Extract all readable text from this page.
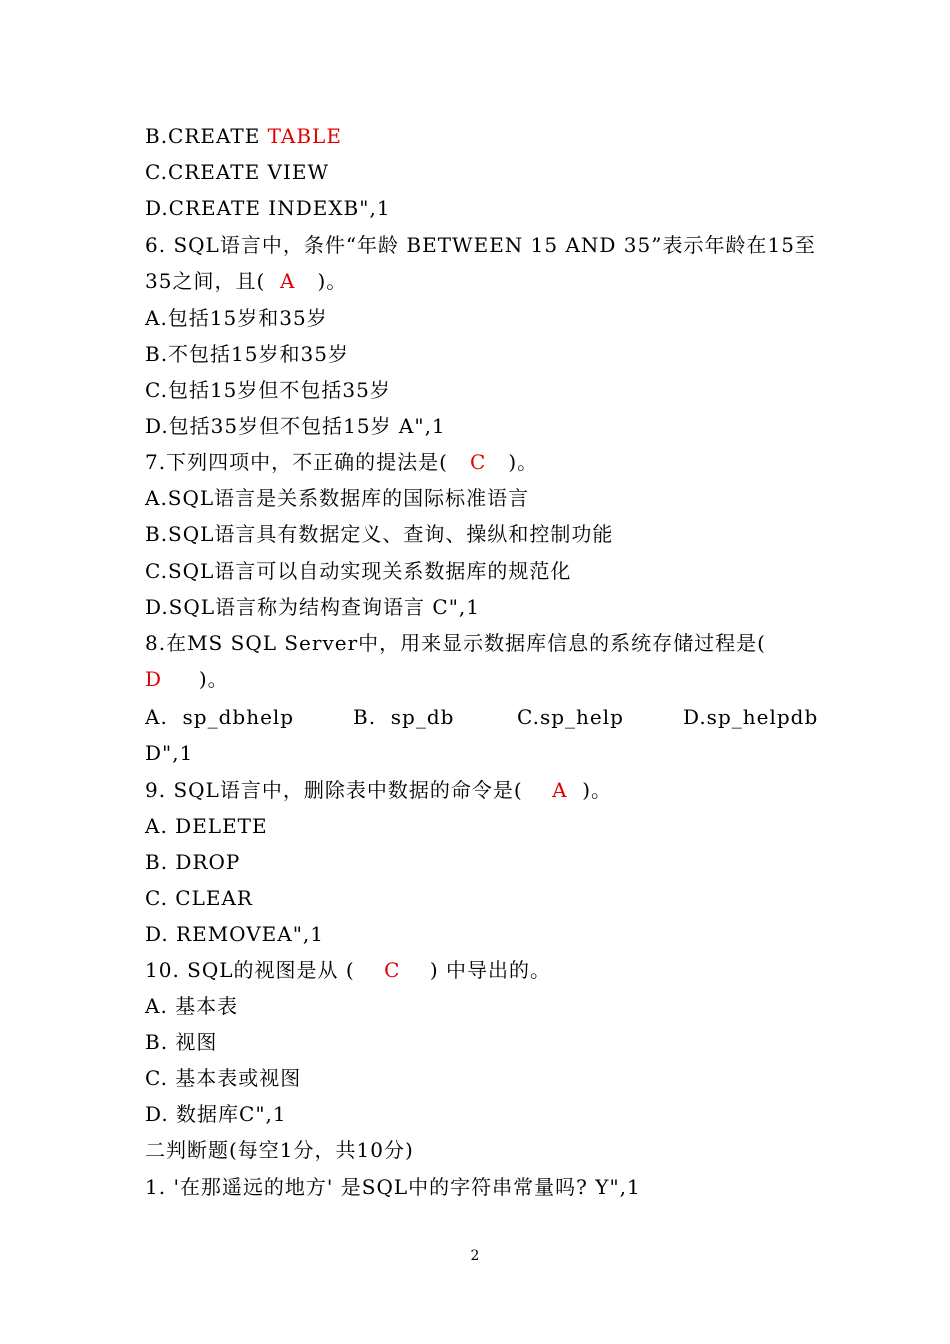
B.CREATE TABLE
C.CREATE VIEW
D.CREATE INDEXB",1
6. SQL语言中，条件“年龄 BETWEEN 15 AND 35”表示年龄在15至
35之间，且(  A   )。
A.包括15岁和35岁
B.不包括15岁和35岁
C.包括15岁但不包括35岁
D.包括35岁但不包括15岁 A",1
7.下列四项中，不正确的提法是(   C   )。
A.SQL语言是关系数据库的国际标准语言
B.SQL语言具有数据定义、查询、操纵和控制功能
C.SQL语言可以自动实现关系数据库的规范化
D.SQL语言称为结构查询语言 C",1
8.在MS SQL Server中，用来显示数据库信息的系统存储过程是(
D     )。
A.  sp_dbhelp	B.  sp_db	C.sp_help	D.sp_helpdb
D",1
9. SQL语言中，删除表中数据的命令是(    A  )。
A. DELETE
B. DROP
C. CLEAR
D. REMOVEA",1
10. SQL的视图是从 (    C    ) 中导出的。
A. 基本表
B. 视图
C. 基本表或视图
D. 数据库C",1
二判断题(每空1分，共10分)
1. '在那遥远的地方' 是SQL中的字符串常量吗? Y",1
2
